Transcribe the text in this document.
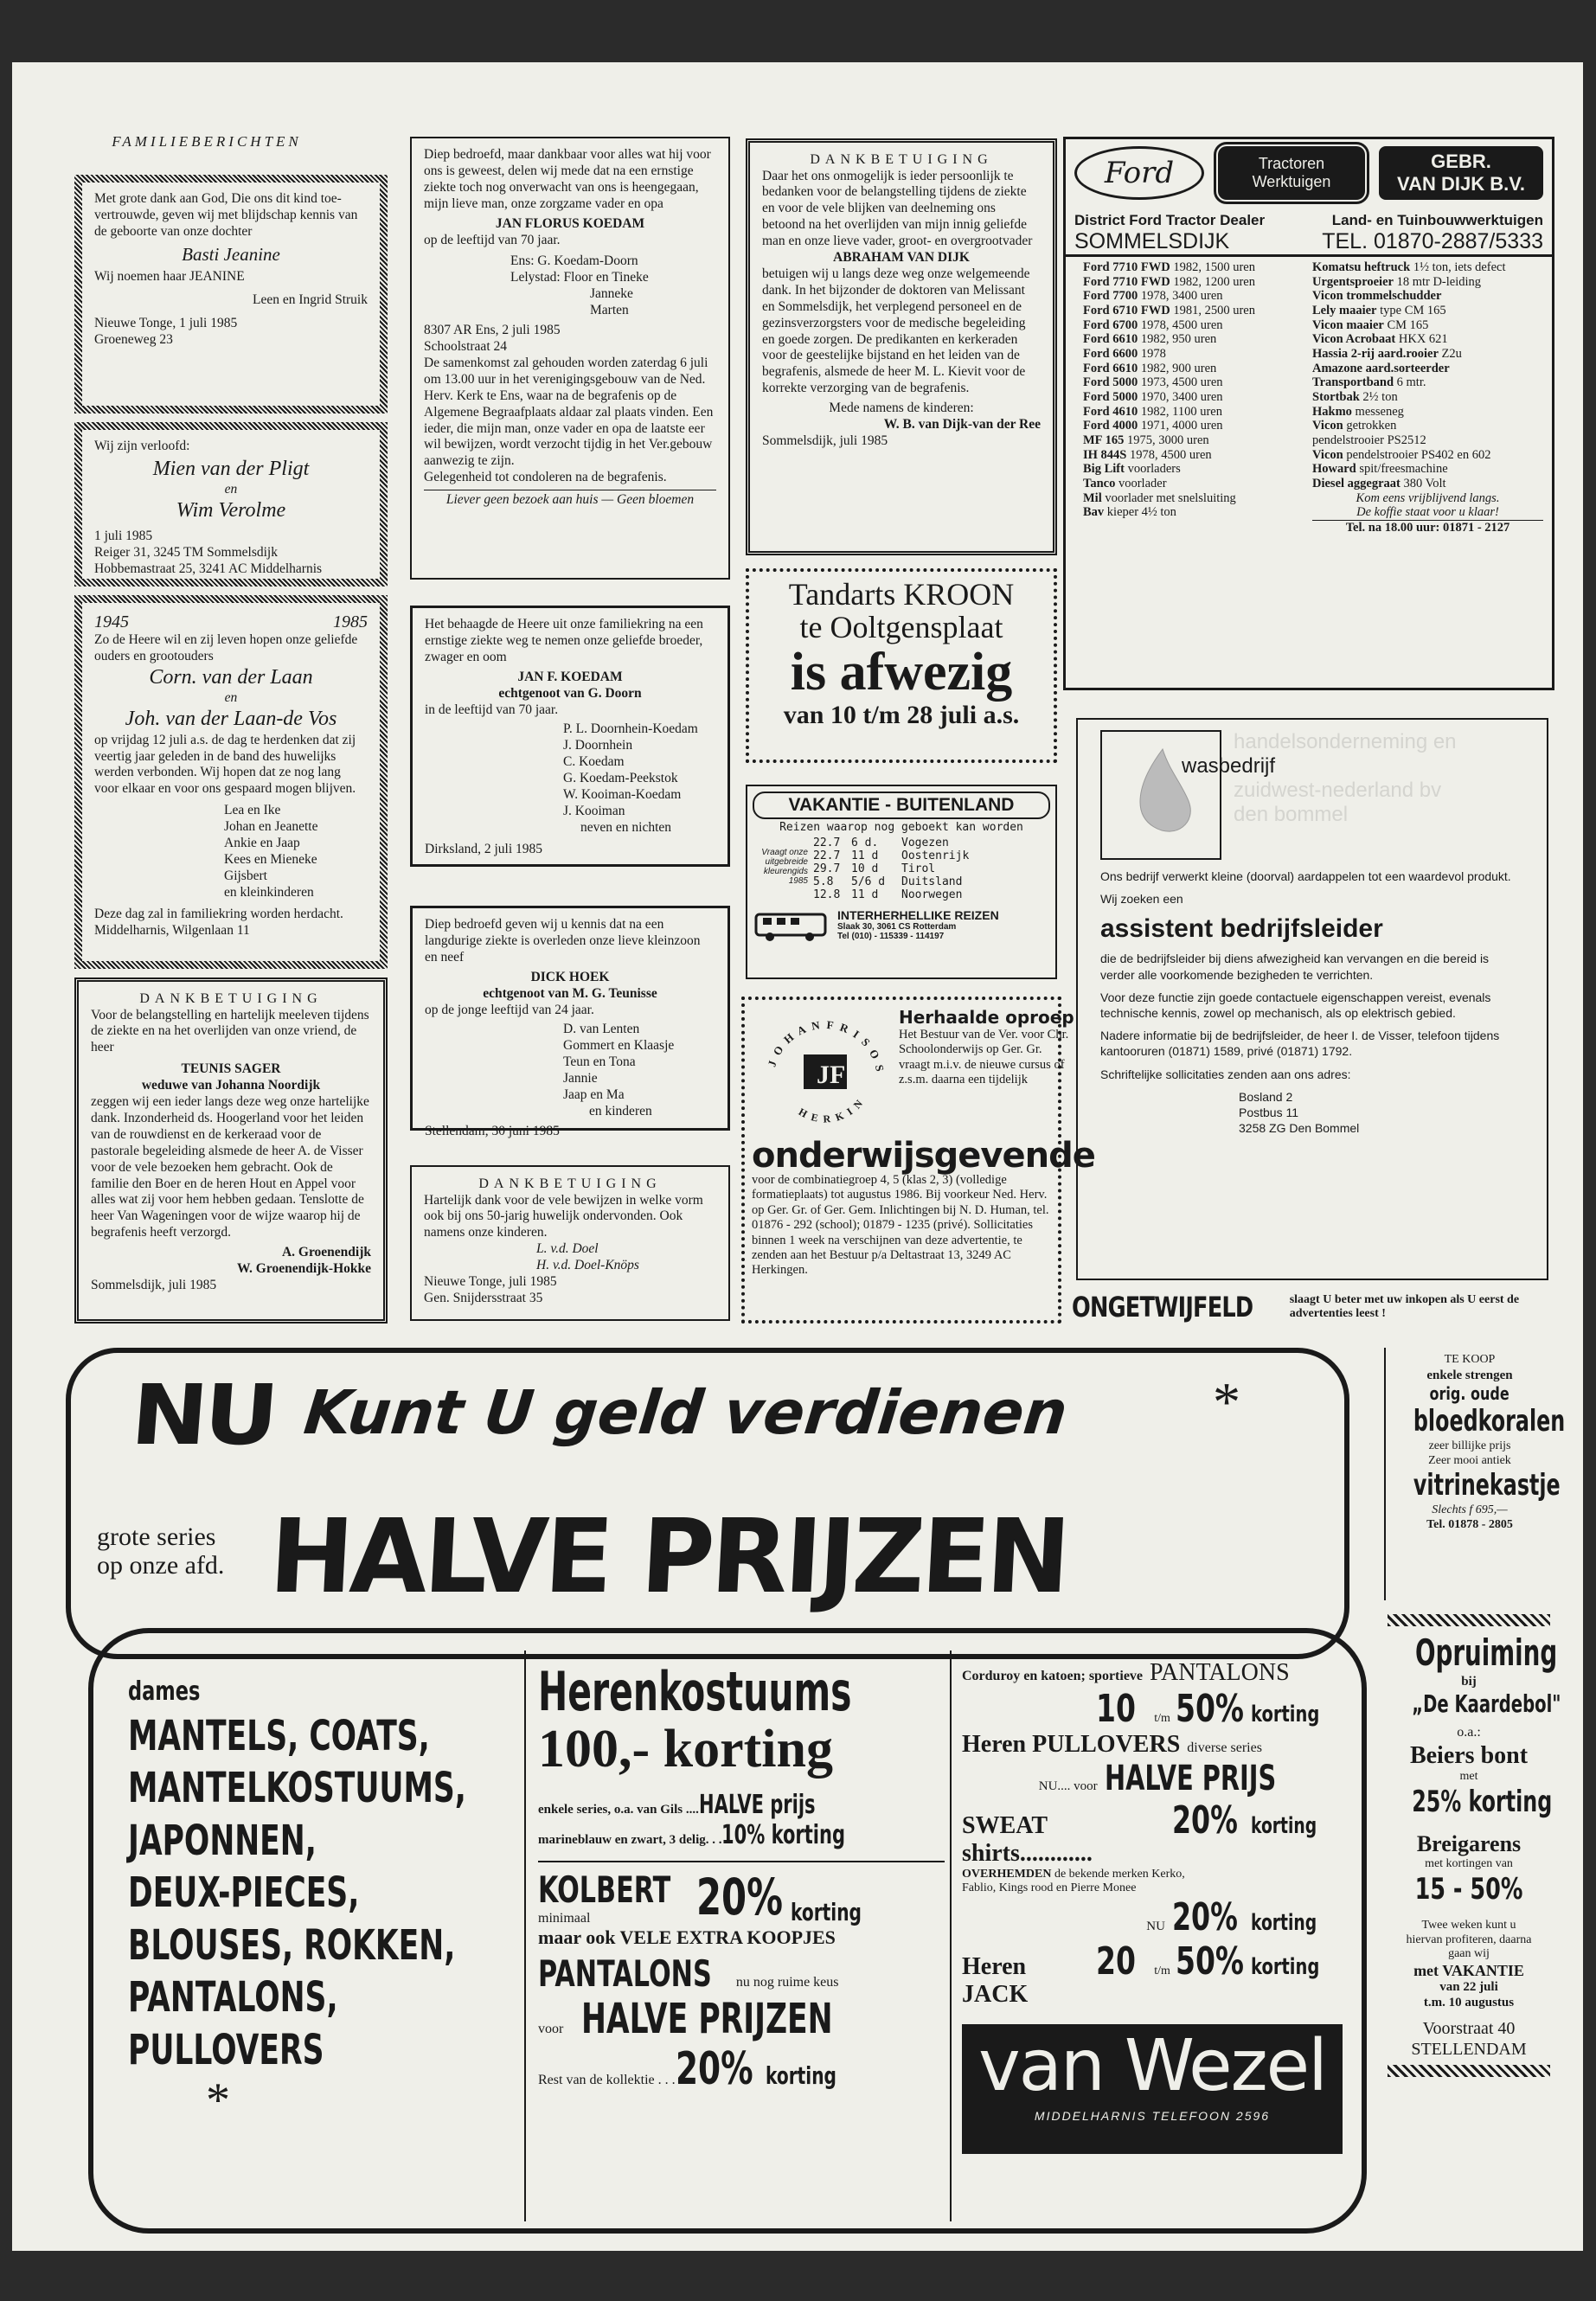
FAMILIEBERICHTEN
Met grote dank aan God, Die ons dit kind toe-vertrouwde, geven wij met blijdschap kennis van de geboorte van onze dochter
Basti Jeanine
Wij noemen haar JEANINE
Leen en Ingrid Struik
Nieuwe Tonge, 1 juli 1985
Groeneweg 23
Wij zijn verloofd:
Mien van der Pligt
en
Wim Verolme
1 juli 1985
Reiger 31, 3245 TM Sommelsdijk
Hobbemastraat 25, 3241 AC Middelharnis
1945	1985
Zo de Heere wil en zij leven hopen onze geliefde ouders en grootouders
Corn. van der Laan
en
Joh. van der Laan-de Vos
op vrijdag 12 juli a.s. de dag te herdenken dat zij veertig jaar geleden in de band des huwelijks werden verbonden. Wij hopen dat ze nog lang voor elkaar en voor ons gespaard mogen blijven.
Lea en Ike
Johan en Jeanette
Ankie en Jaap
Kees en Mieneke
Gijsbert
en kleinkinderen
Deze dag zal in familiekring worden herdacht.
Middelharnis, Wilgenlaan 11
DANKBETUIGING
Voor de belangstelling en hartelijk meeleven tijdens de ziekte en na het overlijden van onze vriend, de heer
TEUNIS SAGER
weduwe van Johanna Noordijk
zeggen wij een ieder langs deze weg onze hartelijke dank. Inzonderheid ds. Hoogerland voor het leiden van de rouwdienst en de kerkeraad voor de pastorale begeleiding alsmede de heer A. de Visser voor de vele bezoeken hem gebracht. Ook de familie den Boer en de heren Hout en Appel voor alles wat zij voor hem hebben gedaan. Tenslotte de heer Van Wageningen voor de wijze waarop hij de begrafenis heeft verzorgd.
A. Groenendijk
W. Groenendijk-Hokke
Sommelsdijk, juli 1985
Diep bedroefd, maar dankbaar voor alles wat hij voor ons is geweest, delen wij mede dat na een ernstige ziekte toch nog onverwacht van ons is heengegaan, mijn lieve man, onze zorgzame vader en opa
JAN FLORUS KOEDAM
op de leeftijd van 70 jaar.
Ens: G. Koedam-Doorn
Lelystad: Floor en Tineke
Janneke
Marten
8307 AR Ens, 2 juli 1985
Schoolstraat 24
De samenkomst zal gehouden worden zaterdag 6 juli om 13.00 uur in het verenigingsgebouw van de Ned. Herv. Kerk te Ens, waar na de begrafenis op de Algemene Begraafplaats aldaar zal plaats vinden. Een ieder, die mijn man, onze vader en opa de laatste eer wil bewijzen, wordt verzocht tijdig in het Ver.gebouw aanwezig te zijn.
Gelegenheid tot condoleren na de begrafenis.
Liever geen bezoek aan huis — Geen bloemen
Het behaagde de Heere uit onze familiekring na een ernstige ziekte weg te nemen onze geliefde broeder, zwager en oom
JAN F. KOEDAM
echtgenoot van G. Doorn
in de leeftijd van 70 jaar.
P. L. Doornhein-Koedam
J. Doornhein
C. Koedam
G. Koedam-Peekstok
W. Kooiman-Koedam
J. Kooiman
neven en nichten
Dirksland, 2 juli 1985
Diep bedroefd geven wij u kennis dat na een langdurige ziekte is overleden onze lieve kleinzoon en neef
DICK HOEK
echtgenoot van M. G. Teunisse
op de jonge leeftijd van 24 jaar.
D. van Lenten
Gommert en Klaasje
Teun en Tona
Jannie
Jaap en Ma
en kinderen
Stellendam, 30 juni 1985
DANKBETUIGING
Hartelijk dank voor de vele bewijzen in welke vorm ook bij ons 50-jarig huwelijk ondervonden. Ook namens onze kinderen.
L. v.d. Doel
H. v.d. Doel-Knöps
Nieuwe Tonge, juli 1985
Gen. Snijdersstraat 35
DANKBETUIGING
Daar het ons onmogelijk is ieder persoonlijk te bedanken voor de belangstelling tijdens de ziekte en voor de vele blijken van deelneming ons betoond na het overlijden van mijn innig geliefde man en onze lieve vader, groot- en overgrootvader
ABRAHAM VAN DIJK
betuigen wij u langs deze weg onze welgemeende dank. In het bijzonder de doktoren van Melissant en Sommelsdijk, het verplegend personeel en de gezinsverzorgsters voor de medische begeleiding en goede zorgen. De predikanten en kerkeraden voor de geestelijke bijstand en het leiden van de begrafenis, alsmede de heer M. L. Kievit voor de korrekte verzorging van de begrafenis.
Mede namens de kinderen:
W. B. van Dijk-van der Ree
Sommelsdijk, juli 1985
Tandarts KROON
te Ooltgensplaat
is afwezig
van 10 t/m 28 juli a.s.
VAKANTIE - BUITENLAND
Reizen waarop nog geboekt kan worden
Vraagt onze
uitgebreide
kleurengids 1985
22.7 6 d. Vogezen
22.7 11 d Oostenrijk
29.7 10 d Tirol
5.8 5/6 d Duitsland
12.8 11 d Noorwegen
INTERHERHELLIKE REIZEN
Slaak 30, 3061 CS Rotterdam
Tel (010) - 115339 - 114197
J O H A N F R I S O S
H E R K I N
JF
Herhaalde oproep
Het Bestuur van de Ver. voor Chr. Schoolonderwijs op Ger. Gr. vraagt m.i.v. de nieuwe cursus of z.s.m. daarna een tijdelijk
onderwijsgevende
voor de combinatiegroep 4, 5 (klas 2, 3) (volledige formatieplaats) tot augustus 1986. Bij voorkeur Ned. Herv. op Ger. Gr. of Ger. Gem. Inlichtingen bij N. D. Human, tel. 01876 - 292 (school); 01879 - 1235 (privé). Sollicitaties binnen 1 week na verschijnen van deze advertentie, te zenden aan het Bestuur p/a Deltastraat 13, 3249 AC Herkingen.
Ford	Tractoren
Werktuigen
GEBR.
VAN DIJK B.V.
District Ford Tractor Dealer	Land- en Tuinbouwwerktuigen
SOMMELSDIJK	TEL. 01870-2887/5333
Ford 7710 FWD 1982, 1500 uren
Ford 7710 FWD 1982, 1200 uren
Ford 7700 1978, 3400 uren
Ford 6710 FWD 1981, 2500 uren
Ford 6700 1978, 4500 uren
Ford 6610 1982, 950 uren
Ford 6600 1978
Ford 6610 1982, 900 uren
Ford 5000 1973, 4500 uren
Ford 5000 1970, 3400 uren
Ford 4610 1982, 1100 uren
Ford 4000 1971, 4000 uren
MF 165 1975, 3000 uren
IH 844S 1978, 4500 uren
Big Lift voorladers
Tanco voorlader
Mil voorlader met snelsluiting
Bav kieper 4½ ton
Komatsu heftruck 1½ ton, iets defect
Urgentsproeier 18 mtr D-leiding
Vicon trommelschudder
Lely maaier type CM 165
Vicon maaier CM 165
Vicon Acrobaat HKX 621
Hassia 2-rij aard.rooier Z2u
Amazone aard.sorteerder
Transportband 6 mtr.
Stortbak 2½ ton
Hakmo messeneg
Vicon getrokken
pendelstrooier PS2512
Vicon pendelstrooier PS402 en 602
Howard spit/freesmachine
Diesel aggegraat 380 Volt
Kom eens vrijblijvend langs.
De koffie staat voor u klaar!
Tel. na 18.00 uur: 01871 - 2127
handelsonderneming en
wasbedrijf
zuidwest-nederland bv
den bommel
Ons bedrijf verwerkt kleine (doorval) aardappelen tot een waardevol produkt.
Wij zoeken een
assistent bedrijfsleider
die de bedrijfsleider bij diens afwezigheid kan vervangen en die bereid is verder alle voorkomende bezigheden te verrichten.
Voor deze functie zijn goede contactuele eigenschappen vereist, evenals technische kennis, zowel op mechanisch, als op elektrisch gebied.
Nadere informatie bij de bedrijfsleider, de heer I. de Visser, telefoon tijdens kantooruren (01871) 1589, privé (01871) 1792.
Schriftelijke sollicitaties zenden aan ons adres:
Bosland 2
Postbus 11
3258 ZG Den Bommel
ONGETWIJFELD	slaagt U beter met uw inkopen als U eerst de advertenties leest !
NU Kunt U geld verdienen	*
grote series
op onze afd. HALVE PRIJZEN
dames
MANTELS, COATS,
MANTELKOSTUUMS,
JAPONNEN,
DEUX-PIECES,
BLOUSES, ROKKEN,
PANTALONS,
PULLOVERS
*
Herenkostuums
100,- korting
enkele series, o.a. van Gils ....HALVE prijs
marineblauw en zwart, 3 delig. . .10% korting
KOLBERT
minimaal	20% korting
maar ook VELE EXTRA KOOPJES
PANTALONS nu nog ruime keus
voor HALVE PRIJZEN
Rest van de kollektie . . . 20% korting
Corduroy en katoen; sportieve PANTALONS
10 t/m 50% korting
Heren PULLOVERS diverse series
NU.... voor HALVE PRIJS
SWEAT shirts............
20% korting
OVERHEMDEN de bekende merken Kerko, Fablio, Kings rood en Pierre Monee
NU 20% korting
Heren JACK
20 t/m 50% korting
van Wezel
MIDDELHARNIS TELEFOON 2596
TE KOOP
enkele strengen
orig. oude
bloedkoralen
zeer billijke prijs
Zeer mooi antiek
vitrinekastje
Slechts f 695,—
Tel. 01878 - 2805
Opruiming
bij
„De Kaardebol"
o.a.:
Beiers bont
met
25% korting
Breigarens
met kortingen van
15 - 50%
Twee weken kunt u hiervan profiteren, daarna gaan wij
met VAKANTIE
van 22 juli
t.m. 10 augustus
Voorstraat 40
STELLENDAM
